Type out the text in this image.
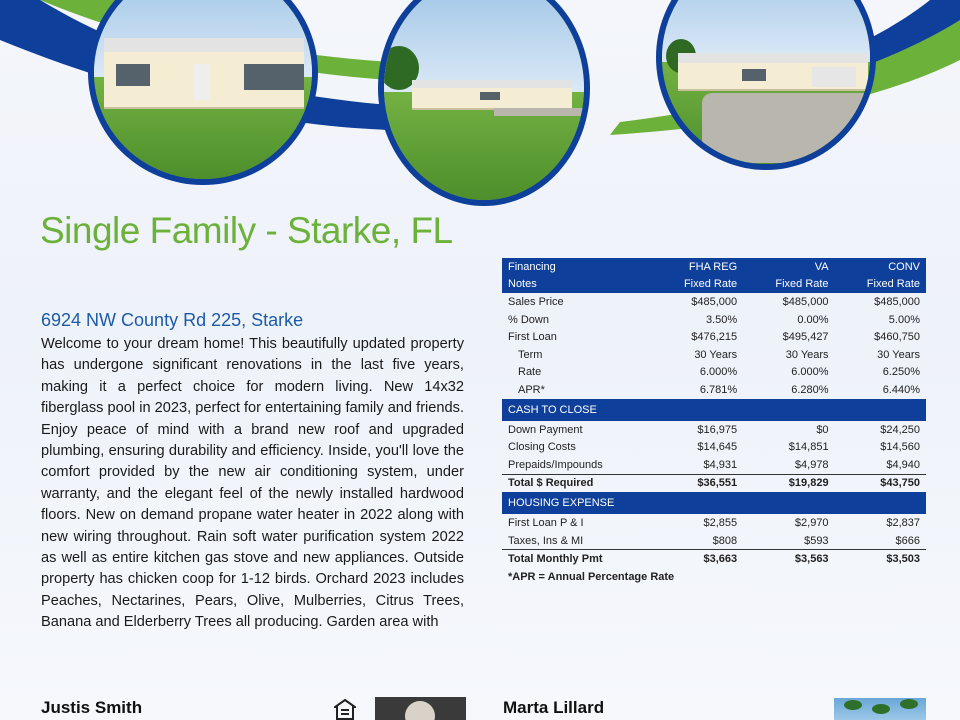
Single Family - Starke, FL
6924 NW County Rd 225, Starke

Welcome to your dream home! This beautifully updated property has undergone significant renovations in the last five years, making it a perfect choice for modern living. New 14x32 fiberglass pool in 2023, perfect for entertaining family and friends. Enjoy peace of mind with a brand new roof and upgraded plumbing, ensuring durability and efficiency. Inside, you'll love the comfort provided by the new air conditioning system, under warranty, and the elegant feel of the newly installed hardwood floors. New on demand propane water heater in 2022 along with new wiring throughout. Rain soft water purification system 2022 as well as entire kitchen gas stove and new appliances. Outside property has chicken coop for 1-12 birds. Orchard 2023 includes Peaches, Nectarines, Pears, Olive, Mulberries, Citrus Trees, Banana and Elderberry Trees all producing. Garden area with

Financing	FHA REG	VA	CONV
Notes	Fixed Rate	Fixed Rate	Fixed Rate
Sales Price	$485,000	$485,000	$485,000
% Down	3.50%	0.00%	5.00%
First Loan	$476,215	$495,427	$460,750
Term	30 Years	30 Years	30 Years
Rate	6.000%	6.000%	6.250%
APR*	6.781%	6.280%	6.440%
CASH TO CLOSE			
Down Payment	$16,975	$0	$24,250
Closing Costs	$14,645	$14,851	$14,560
Prepaids/Impounds	$4,931	$4,978	$4,940
Total $ Required	$36,551	$19,829	$43,750
HOUSING EXPENSE			
First Loan P & I	$2,855	$2,970	$2,837
Taxes, Ins & MI	$808	$593	$666
Total Monthly Pmt	$3,663	$3,563	$3,503
*APR = Annual Percentage Rate			
Justis Smith	Marta Lillard
